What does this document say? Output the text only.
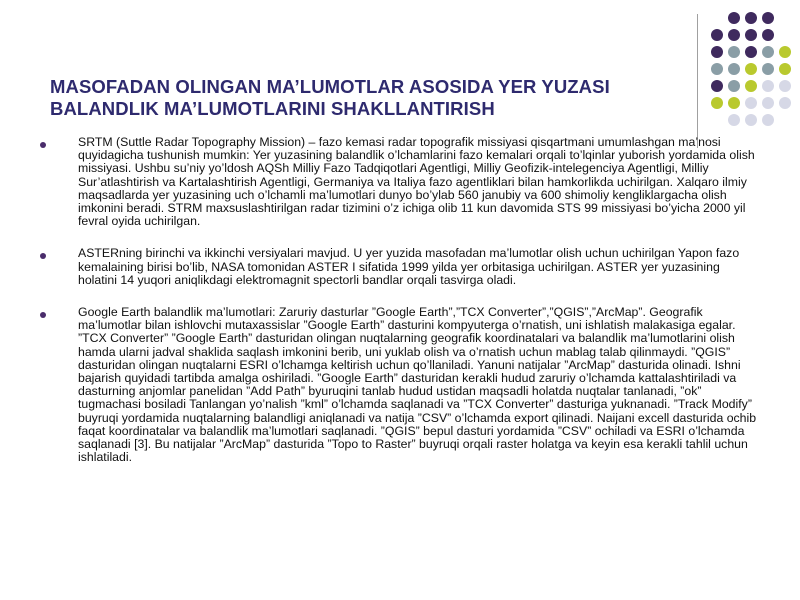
MASOFADAN OLINGAN MA’LUMOTLAR ASOSIDA YER YUZASI
BALANDLIK MA’LUMOTLARINI SHAKLLANTIRISH

SRTM (Suttle Radar Topography Mission) – fazo kemasi radar topografik missiyasi qisqartmani umumlashgan ma’nosi quyidagicha tushunish mumkin: Yer yuzasining balandlik o’lchamlarini fazo kemalari orqali to’lqinlar yuborish yordamida olish missiyasi. Ushbu su’niy yo’ldosh AQSh Milliy Fazo Tadqiqotlari Agentligi, Milliy Geofizik-intelegenciya Agentligi, Milliy Sur’atlashtirish va Kartalashtirish Agentligi, Germaniya va Italiya fazo agentliklari bilan hamkorlikda uchirilgan. Xalqaro ilmiy maqsadlarda yer yuzasining uch o’lchamli ma’lumotlari dunyo bo’ylab 560 janubiy va 600 shimoliy kengliklargacha olish imkonini beradi. STRM maxsuslashtirilgan radar tizimini o’z ichiga olib 11 kun davomida STS 99 missiyasi bo’yicha 2000 yil fevral oyida uchirilgan.

ASTERning birinchi va ikkinchi versiyalari mavjud. U yer yuzida masofadan ma’lumotlar olish uchun uchirilgan Yapon fazo kemalaining birisi bo’lib, NASA tomonidan ASTER I sifatida 1999 yilda yer orbitasiga uchirilgan. ASTER yer yuzasining holatini 14 yuqori aniqlikdagi elektromagnit spectorli bandlar orqali tasvirga oladi.

Google Earth balandlik ma’lumotlari: Zaruriy dasturlar ”Google Earth”,”TCX Converter”,”QGIS”,”ArcMap”. Geografik ma’lumotlar bilan ishlovchi mutaxassislar ”Google Earth” dasturini kompyuterga o’rnatish, uni ishlatish malakasiga egalar. ”TCX Converter” ”Google Earth” dasturidan olingan nuqtalarning geografik koordinatalari va balandlik ma’lumotlarini olish hamda ularni jadval shaklida saqlash imkonini berib, uni yuklab olish va o’rnatish uchun mablag talab qilinmaydi. ”QGIS” dasturidan olingan nuqtalarni ESRI o’lchamga keltirish uchun qo’llaniladi. Yanuni natijalar ”ArcMap” dasturida olinadi. Ishni bajarish quyidadi tartibda amalga oshiriladi. ”Google Earth” dasturidan kerakli hudud zaruriy o’lchamda kattalashtiriladi va dasturning anjomlar panelidan ”Add Path” byuruqini tanlab hudud ustidan maqsadli holatda nuqtalar tanlanadi, ”ok” tugmachasi bosiladi Tanlangan yo’nalish ”kml” o’lchamda saqlanadi va ”TCX Converter” dasturiga yuknanadi. ”Track Modify” buyruqi yordamida nuqtalarning balandligi aniqlanadi va natija ”CSV” o’lchamda export qilinadi. Naijani excell dasturida ochib faqat koordinatalar va balandlik ma’lumotlari saqlanadi. ”QGIS” bepul dasturi yordamida ”CSV” ochiladi va ESRI o’lchamda saqlanadi [3]. Bu natijalar ”ArcMap” dasturida ”Topo to Raster” buyruqi orqali raster holatga va keyin esa kerakli tahlil uchun ishlatiladi.
